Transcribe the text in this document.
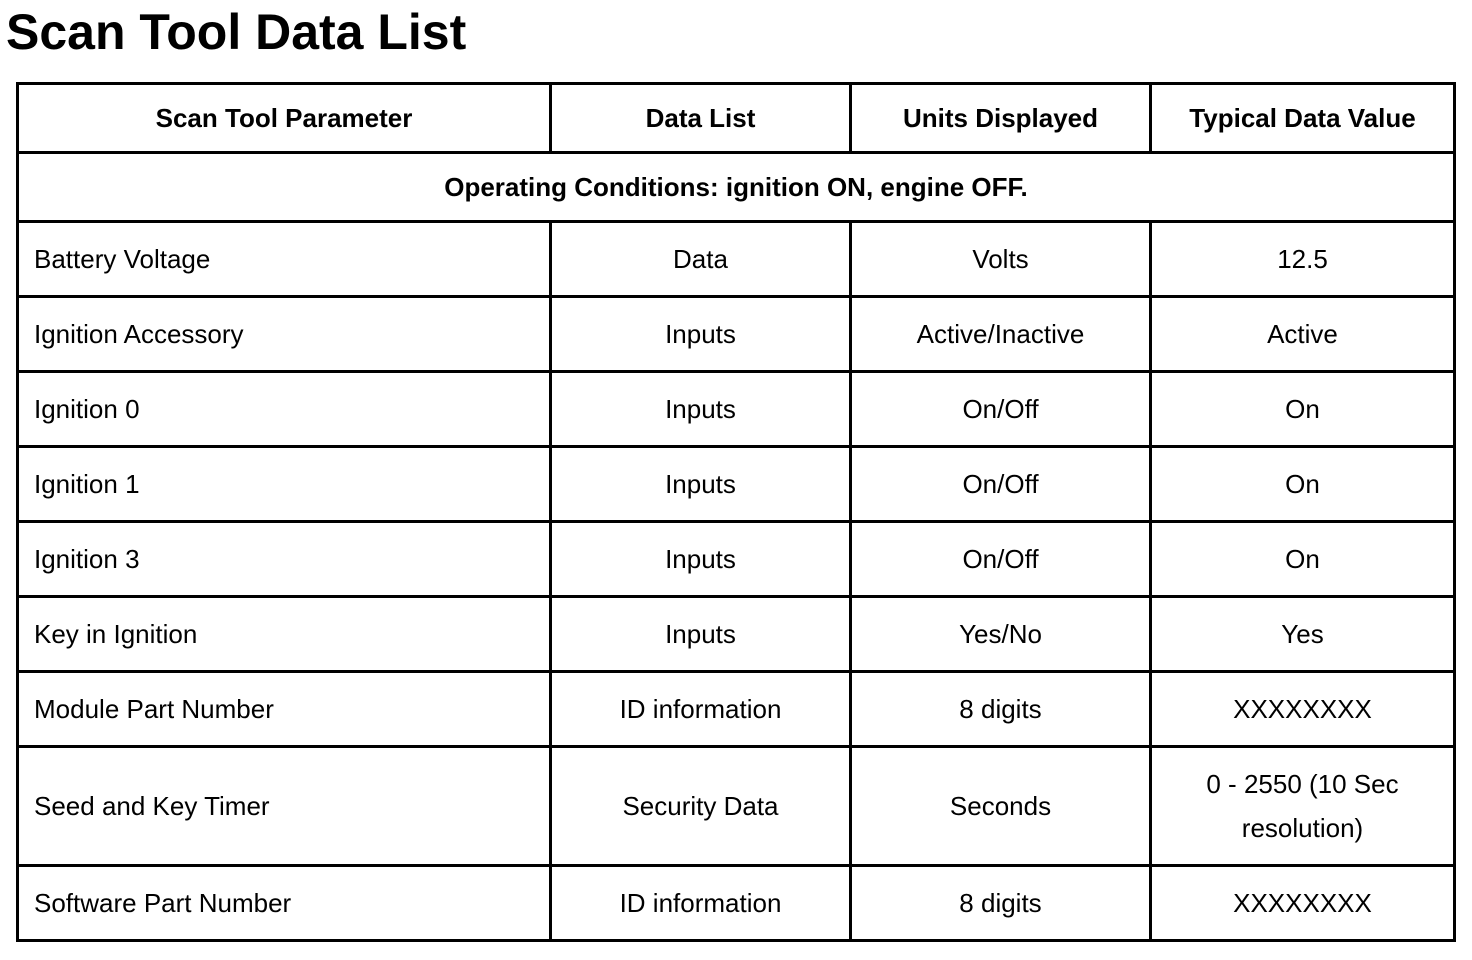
Scan Tool Data List
Scan Tool Parameter	Data List	Units Displayed	Typical Data Value
Operating Conditions: ignition ON, engine OFF.			
Battery Voltage	Data	Volts	12.5
Ignition Accessory	Inputs	Active/Inactive	Active
Ignition 0	Inputs	On/Off	On
Ignition 1	Inputs	On/Off	On
Ignition 3	Inputs	On/Off	On
Key in Ignition	Inputs	Yes/No	Yes
Module Part Number	ID information	8 digits	XXXXXXXX
Seed and Key Timer	Security Data	Seconds	0 - 2550 (10 Sec resolution)
Software Part Number	ID information	8 digits	XXXXXXXX
